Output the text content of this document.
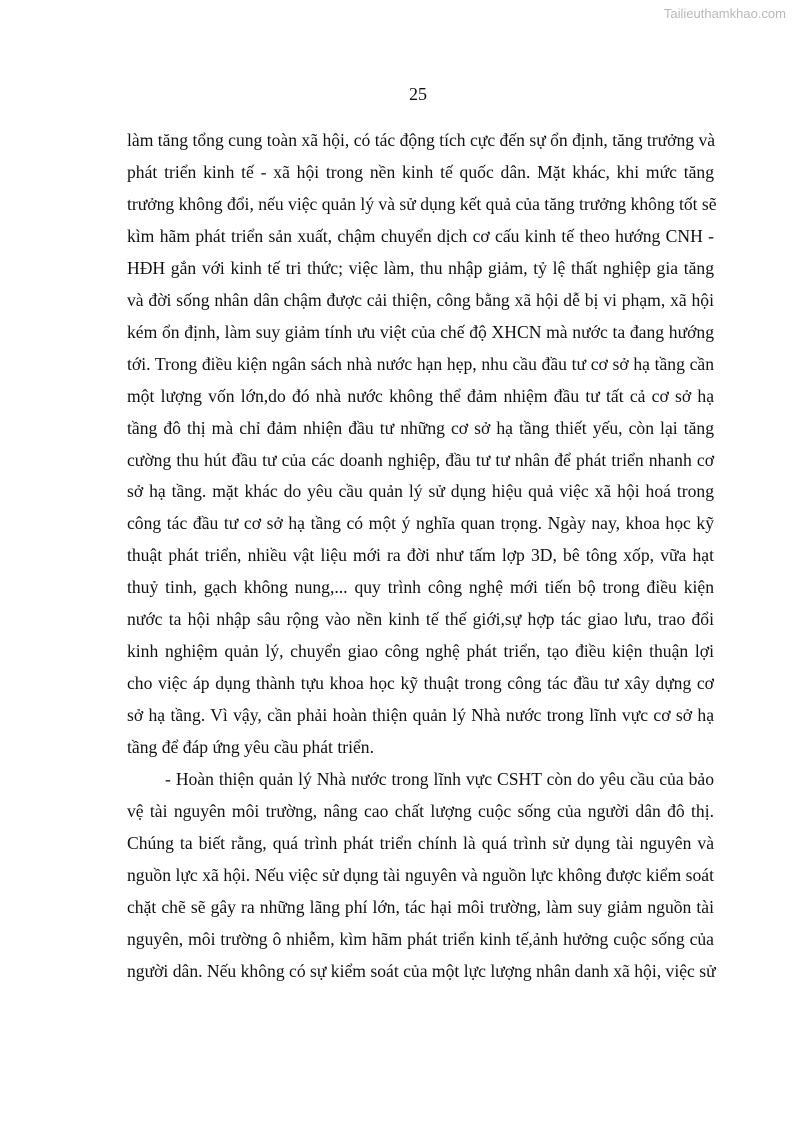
Tailieuthamkhao.com
25
làm tăng tổng cung toàn xã hội, có tác động tích cực đến sự ổn định, tăng trưởng và
phát triển kinh tế - xã hội trong nền kinh tế quốc dân. Mặt khác, khi mức tăng
trưởng không đổi, nếu việc quản lý và sử dụng kết quả của tăng trưởng không tốt sẽ
kìm hãm phát triển sản xuất, chậm chuyển dịch cơ cấu kinh tế theo hướng CNH -
HĐH gắn với kinh tế tri thức; việc làm, thu nhập giảm, tỷ lệ thất nghiệp gia tăng
và đời sống nhân dân chậm được cải thiện, công bằng xã hội dễ bị vi phạm, xã hội
kém ổn định, làm suy giảm tính ưu việt của chế độ XHCN mà nước ta đang hướng
tới. Trong điều kiện ngân sách nhà nước hạn hẹp, nhu cầu đầu tư cơ sở hạ tầng cần
một lượng vốn lớn,do đó nhà nước không thể đảm nhiệm đầu tư tất cả cơ sở hạ
tầng đô thị mà chỉ đảm nhiện đầu tư những cơ sở hạ tầng thiết yếu, còn lại tăng
cường thu hút đầu tư của các doanh nghiệp, đầu tư tư nhân để phát triển nhanh cơ
sở hạ tầng. mặt khác do yêu cầu quản lý sử dụng hiệu quả việc xã hội hoá trong
công tác đầu tư cơ sở hạ tầng có một ý nghĩa quan trọng. Ngày nay, khoa học kỹ
thuật phát triển, nhiều vật liệu mới ra đời như tấm lợp 3D, bê tông xốp, vữa hạt
thuỷ tinh, gạch không nung,... quy trình công nghệ mới tiến bộ trong điều kiện
nước ta hội nhập sâu rộng vào nền kinh tế thế giới,sự hợp tác giao lưu, trao đổi
kinh nghiệm quản lý, chuyển giao công nghệ phát triển, tạo điều kiện thuận lợi
cho việc áp dụng thành tựu khoa học kỹ thuật trong công tác đầu tư xây dựng cơ
sở hạ tầng. Vì vậy, cần phải hoàn thiện quản lý Nhà nước trong lĩnh vực cơ sở hạ
tầng để đáp ứng yêu cầu phát triển.
- Hoàn thiện quản lý Nhà nước trong lĩnh vực CSHT còn do yêu cầu của bảo
vệ tài nguyên môi trường, nâng cao chất lượng cuộc sống của người dân đô thị.
Chúng ta biết rằng, quá trình phát triển chính là quá trình sử dụng tài nguyên và
nguồn lực xã hội. Nếu việc sử dụng tài nguyên và nguồn lực không được kiểm soát
chặt chẽ sẽ gây ra những lãng phí lớn, tác hại môi trường, làm suy giảm nguồn tài
nguyên, môi trường ô nhiễm, kìm hãm phát triển kinh tế,ảnh hưởng cuộc sống của
người dân. Nếu không có sự kiểm soát của một lực lượng nhân danh xã hội, việc sử
